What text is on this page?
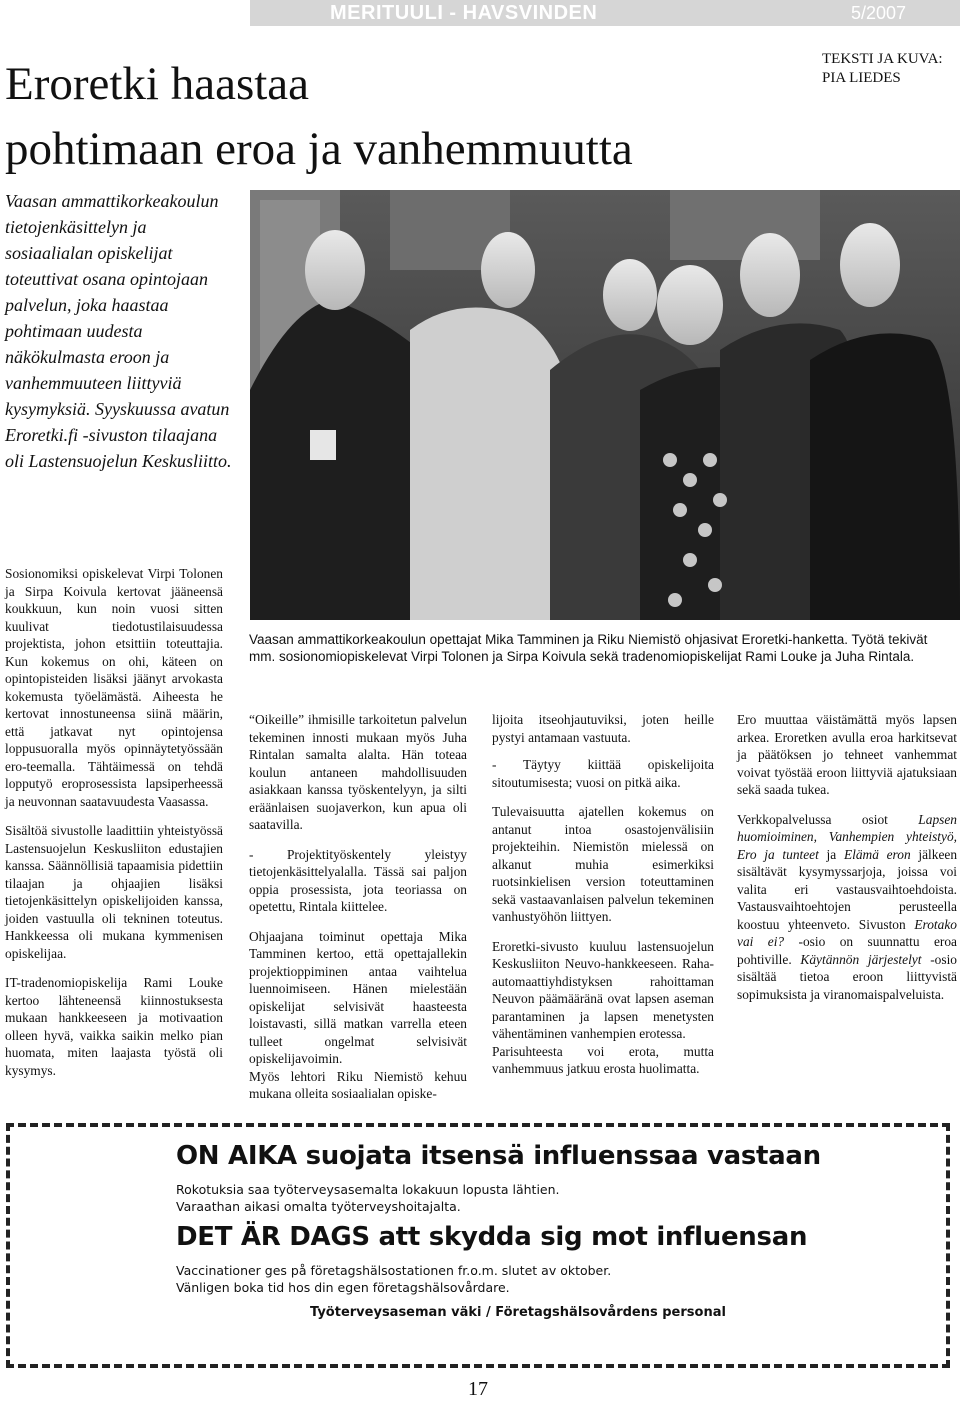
MERITUULI - HAVSVINDEN	5/2007
TEKSTI JA KUVA:
PIA LIEDES
Eroretki haastaa
pohtimaan eroa ja vanhemmuutta
Vaasan ammattikorkeakoulun tietojenkäsittelyn ja sosiaalialan opiskelijat toteuttivat osana opintojaan palvelun, joka haastaa pohtimaan uudesta näkökulmasta eroon ja vanhemmuuteen liittyviä kysymyksiä. Syyskuussa avatun Eroretki.fi -sivuston tilaajana oli Lastensuojelun Keskusliitto.
Vaasan ammattikorkeakoulun opettajat Mika Tamminen ja Riku Niemistö ohjasivat Eroretki-hanketta. Työtä tekivät mm. sosionomiopiskelevat Virpi Tolonen ja Sirpa Koivula sekä tradenomiopiskelijat Rami Louke ja Juha Rintala.

Sosionomiksi opiskelevat Virpi Tolonen ja Sirpa Koivula kertovat jääneensä koukkuun, kun noin vuosi sitten kuulivat tiedotustilaisuudessa projektista, johon etsittiin toteuttajia. Kun kokemus on ohi, käteen on opintopisteiden lisäksi jäänyt arvokasta kokemusta työelämästä. Aiheesta he kertovat innostuneensa siinä määrin, että jatkavat nyt opintojensa loppusuoralla myös opinnäytetyössään ero-teemalla. Tähtäimessä on tehdä lopputyö eroprosessista lapsiperheessä ja neuvonnan saatavuudesta Vaasassa.

Sisältöä sivustolle laadittiin yhteistyössä Lastensuojelun Keskusliiton edustajien kanssa. Säännöllisiä tapaamisia pidettiin tilaajan ja ohjaajien lisäksi tietojenkäsittelyn opiskelijoiden kanssa, joiden vastuulla oli tekninen toteutus. Hankkeessa oli mukana kymmenisen opiskelijaa.

IT-tradenomiopiskelija Rami Louke kertoo lähteneensä kiinnostuksesta mukaan hankkeeseen ja motivaation olleen hyvä, vaikka saikin melko pian huomata, miten laajasta työstä oli kysymys.

“Oikeille” ihmisille tarkoitetun palvelun tekeminen innosti mukaan myös Juha Rintalan samalta alalta. Hän toteaa koulun antaneen mahdollisuuden asiakkaan kanssa työskentelyyn, ja silti eräänlaisen suojaverkon, kun apua oli saatavilla.

- Projektityöskentely yleistyy tietojenkäsittelyalalla. Tässä sai paljon oppia prosessista, jota teoriassa on opetettu, Rintala kiittelee.

Ohjaajana toiminut opettaja Mika Tamminen kertoo, että opettajallekin projektioppiminen antaa vaihtelua luennoimiseen. Hänen mielestään opiskelijat selvisivät haasteesta loistavasti, sillä matkan varrella eteen tulleet ongelmat selvisivät opiskelijavoimin.

Myös lehtori Riku Niemistö kehuu mukana olleita sosiaalialan opiske-

lijoita itseohjautuviksi, joten heille pystyi antamaan vastuuta.

- Täytyy kiittää opiskelijoita sitoutumisesta; vuosi on pitkä aika.

Tulevaisuutta ajatellen kokemus on antanut intoa osastojenvälisiin projekteihin. Niemistön mielessä on alkanut muhia esimerkiksi ruotsinkielisen version toteuttaminen sekä vastaavanlaisen palvelun tekeminen vanhustyöhön liittyen.

Eroretki-sivusto kuuluu lastensuojelun Keskusliiton Neuvo-hankkeeseen. Raha-automaattiyhdistyksen rahoittaman Neuvon päämääränä ovat lapsen aseman parantaminen ja lapsen menetysten vähentäminen vanhempien erotessa.

Parisuhteesta voi erota, mutta vanhemmuus jatkuu erosta huolimatta.

Ero muuttaa väistämättä myös lapsen arkea. Eroretken avulla eroa harkitsevat ja päätöksen jo tehneet vanhemmat voivat työstää eroon liittyviä ajatuksiaan sekä saada tukea.

Verkkopalvelussa osiot Lapsen huomioiminen, Vanhempien yhteistyö, Ero ja tunteet ja Elämä eron jälkeen sisältävät kysymyssarjoja, joissa voi valita eri vastausvaihtoehdoista. Vastausvaihtoehtojen perusteella koostuu yhteenveto. Sivuston Erotako vai ei? -osio on suunnattu eroa pohtiville. Käytännön järjestelyt -osio sisältää tietoa eroon liittyvistä sopimuksista ja viranomaispalveluista.

ON AIKA suojata itsensä influenssaa vastaan
Rokotuksia saa työterveysasemalta lokakuun lopusta lähtien.
Varaathan aikasi omalta työterveyshoitajalta.
DET ÄR DAGS att skydda sig mot influensan
Vaccinationer ges på företagshälsostationen fr.o.m. slutet av oktober.
Vänligen boka tid hos din egen företagshälsovårdare.
Työterveysaseman väki / Företagshälsovårdens personal
17
